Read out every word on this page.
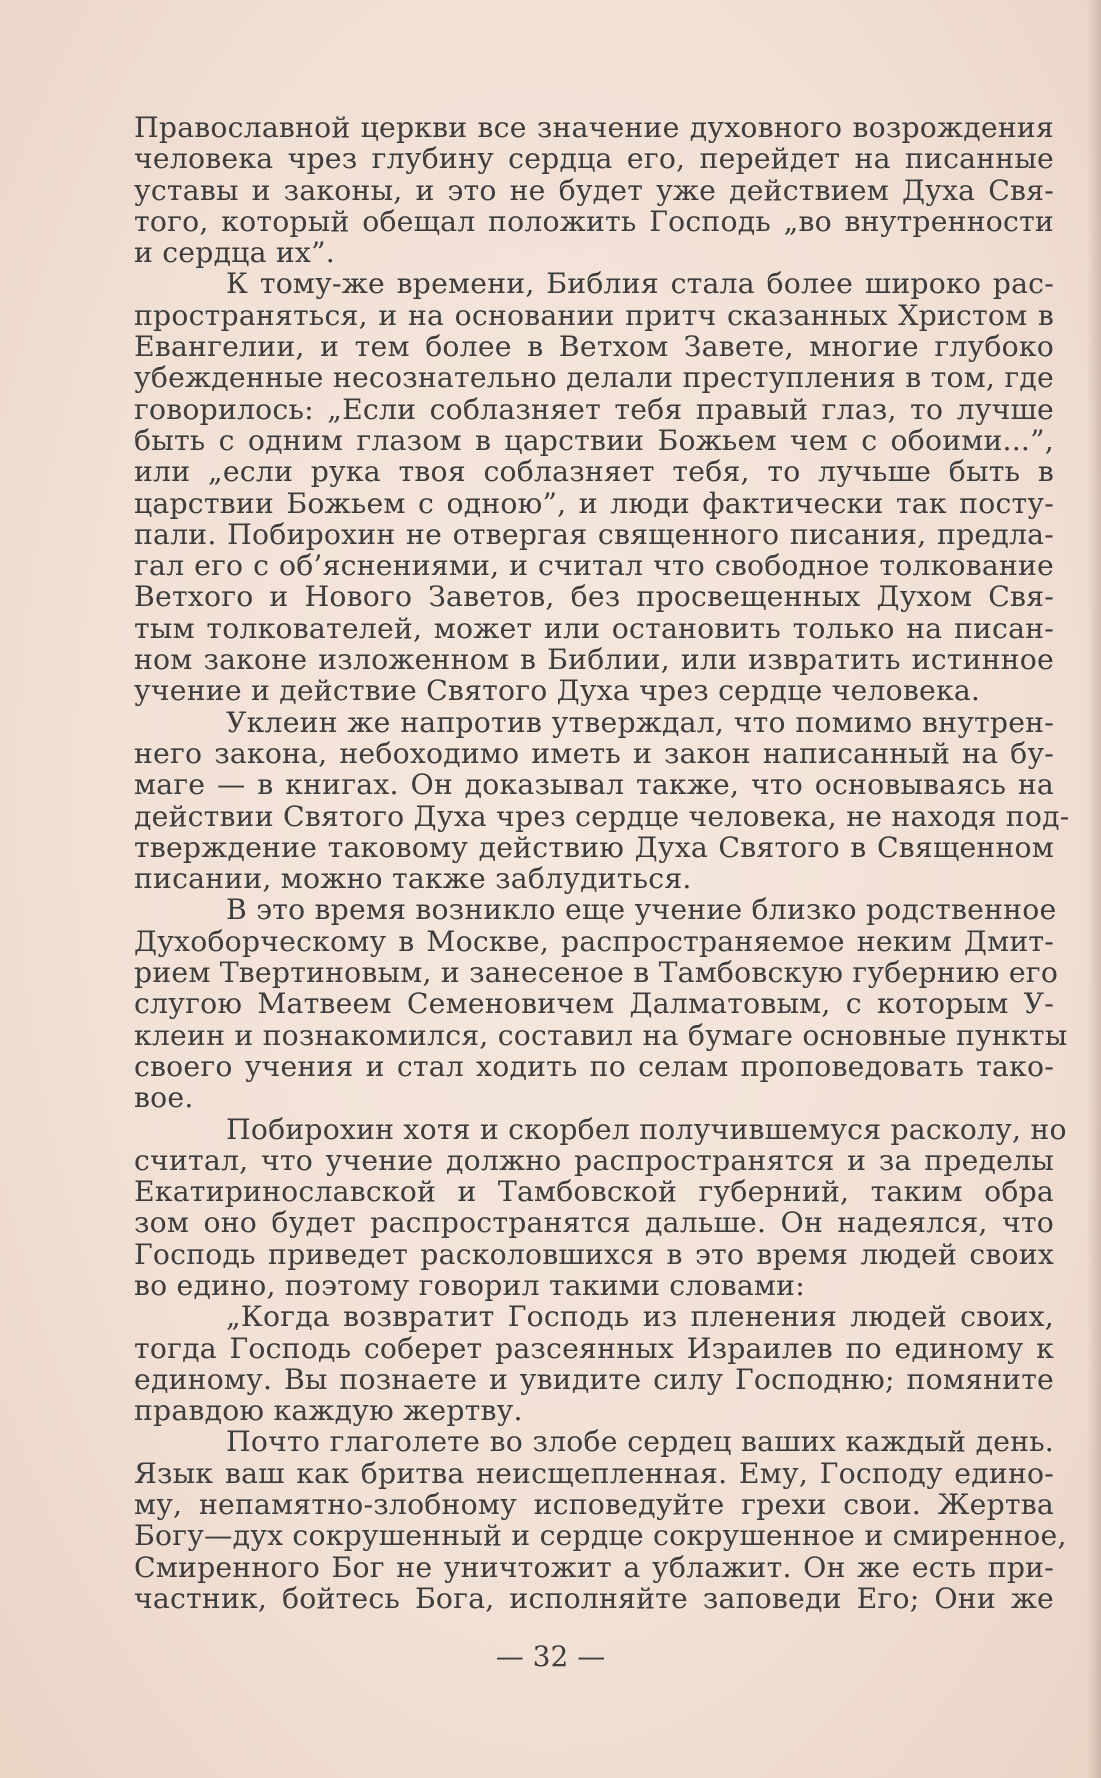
Православной церкви все значение духовного возрождения
человека чрез глубину сердца его, перейдет на писанные
уставы и законы, и это не будет уже действием Духа Свя-
того, который обещал положить Господь „во внутренности
и сердца их”.
К тому-же времени, Библия стала более широко рас-
пространяться, и на основании притч сказанных Христом в
Евангелии, и тем более в Ветхом Завете, многие глубоко
убежденные несознательно делали преступления в том, где
говорилось: „Если соблазняет тебя правый глаз, то лучше
быть с одним глазом в царствии Божьем чем с обоими...”,
или „если рука твоя соблазняет тебя, то лучьше быть в
царствии Божьем с одною”, и люди фактически так посту-
пали. Побирохин не отвергая священного писания, предла-
гал его с об’яснениями, и считал что свободное толкование
Ветхого и Нового Заветов, без просвещенных Духом Свя-
тым толкователей, может или остановить только на писан-
ном законе изложенном в Библии, или извратить истинное
учение и действие Святого Духа чрез сердце человека.
Уклеин же напротив утверждал, что помимо внутрен-
него закона, небоходимо иметь и закон написанный на бу-
маге — в книгах. Он доказывал также, что основываясь на
действии Святого Духа чрез сердце человека, не находя под-
тверждение таковому действию Духа Святого в Священном
писании, можно также заблудиться.
В это время возникло еще учение близко родственное
Духоборческому в Москве, распространяемое неким Дмит-
рием Твертиновым, и занесеное в Тамбовскую губернию его
слугою Матвеем Семеновичем Далматовым, с которым У-
клеин и познакомился, составил на бумаге основные пункты
своего учения и стал ходить по селам проповедовать тако-
вое.
Побирохин хотя и скорбел получившемуся расколу, но
считал, что учение должно распространятся и за пределы
Екатиринославской и Тамбовской губерний, таким обра
зом оно будет распространятся дальше. Он надеялся, что
Господь приведет расколовшихся в это время людей своих
во едино, поэтому говорил такими словами:
„Когда возвратит Господь из пленения людей своих,
тогда Господь соберет разсеянных Израилев по единому к
единому. Вы познаете и увидите силу Господню; помяните
правдою каждую жертву.
Почто глаголете во злобе сердец ваших каждый день.
Язык ваш как бритва неисщепленная. Ему, Господу едино-
му, непамятно-злобному исповедуйте грехи свои. Жертва
Богу—дух сокрушенный и сердце сокрушенное и смиренное,
Смиренного Бог не уничтожит а ублажит. Он же есть при-
частник, бойтесь Бога, исполняйте заповеди Его; Они же
— 32 —
